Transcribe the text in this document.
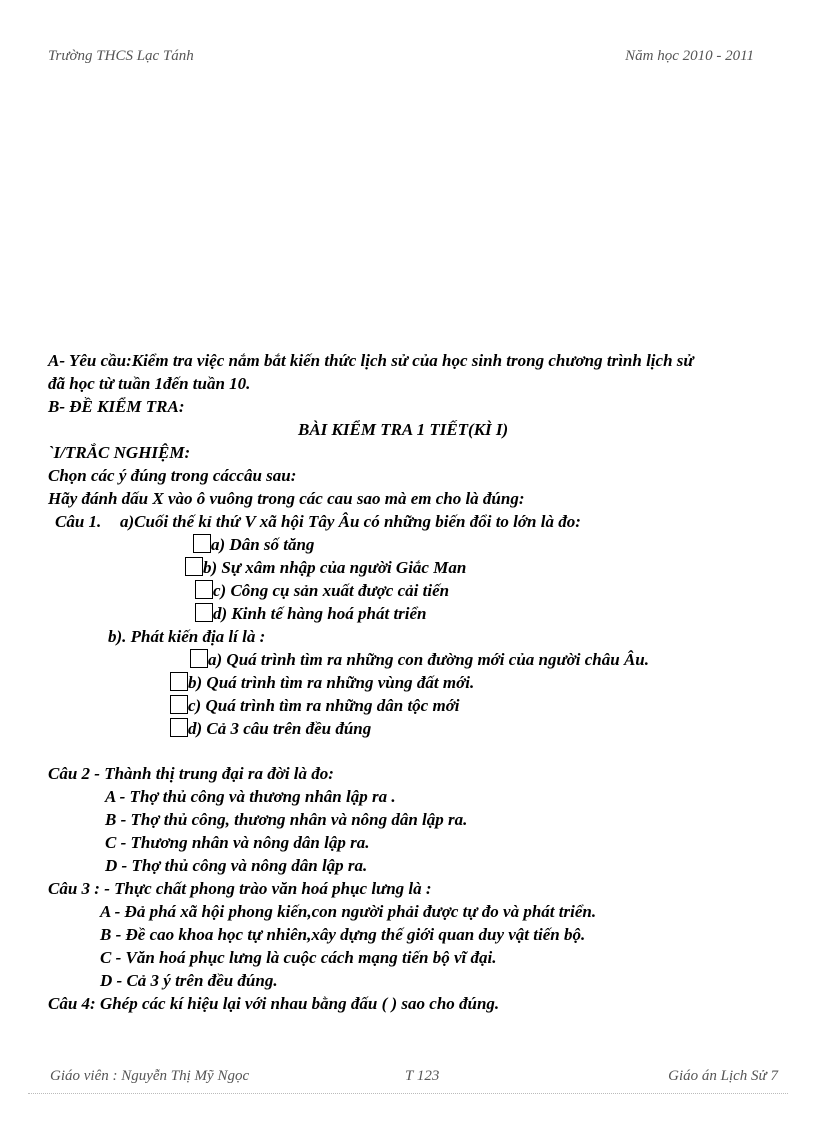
Trường THCS Lạc Tánh	Năm học 2010 - 2011
A- Yêu cầu:Kiểm tra việc nắm bắt kiến thức lịch sử của học sinh trong chương trình lịch sử
đã học từ tuần 1đến tuần 10.
B- ĐỀ KIỂM TRA:
BÀI KIỂM TRA 1 TIẾT(KÌ I)
`I/TRẮC NGHIỆM:
Chọn các ý đúng trong cáccâu sau:
Hãy đánh dấu X vào ô vuông trong các cau sao mà em cho là đúng:
Câu 1. a)Cuối thế kỉ thứ V xã hội Tây Âu có những biến đổi to lớn là đo:
a) Dân số tăng
b) Sự xâm nhập của người Giắc Man
c) Công cụ sản xuất được cải tiến
d) Kinh tế hàng hoá phát triển
b). Phát kiến địa lí là :
a) Quá trình tìm ra những con đường mới của người châu Âu.
b) Quá trình tìm ra những vùng đất mới.
c) Quá trình tìm ra những dân tộc mới
d) Cả 3 câu trên đều đúng
Câu 2 - Thành thị trung đại ra đời là đo:
A - Thợ thủ công và thương nhân lập ra .
B - Thợ thủ công, thương nhân và nông dân lập ra.
C - Thương nhân và nông dân lập ra.
D - Thợ thủ công và nông dân lập ra.
Câu 3 : - Thực chất phong trào văn hoá phục lưng là :
A - Đả phá xã hội phong kiến,con người phải được tự đo và phát triển.
B - Đề cao khoa học tự nhiên,xây dựng thế giới quan duy vật tiến bộ.
C - Văn hoá phục lưng là cuộc cách mạng tiến bộ vĩ đại.
D - Cả 3 ý trên đều đúng.
Câu 4: Ghép các kí hiệu lại với nhau bằng đấu ( ) sao cho đúng.
Giáo viên : Nguyễn Thị Mỹ Ngọc	T 123	Giáo án Lịch Sử 7
